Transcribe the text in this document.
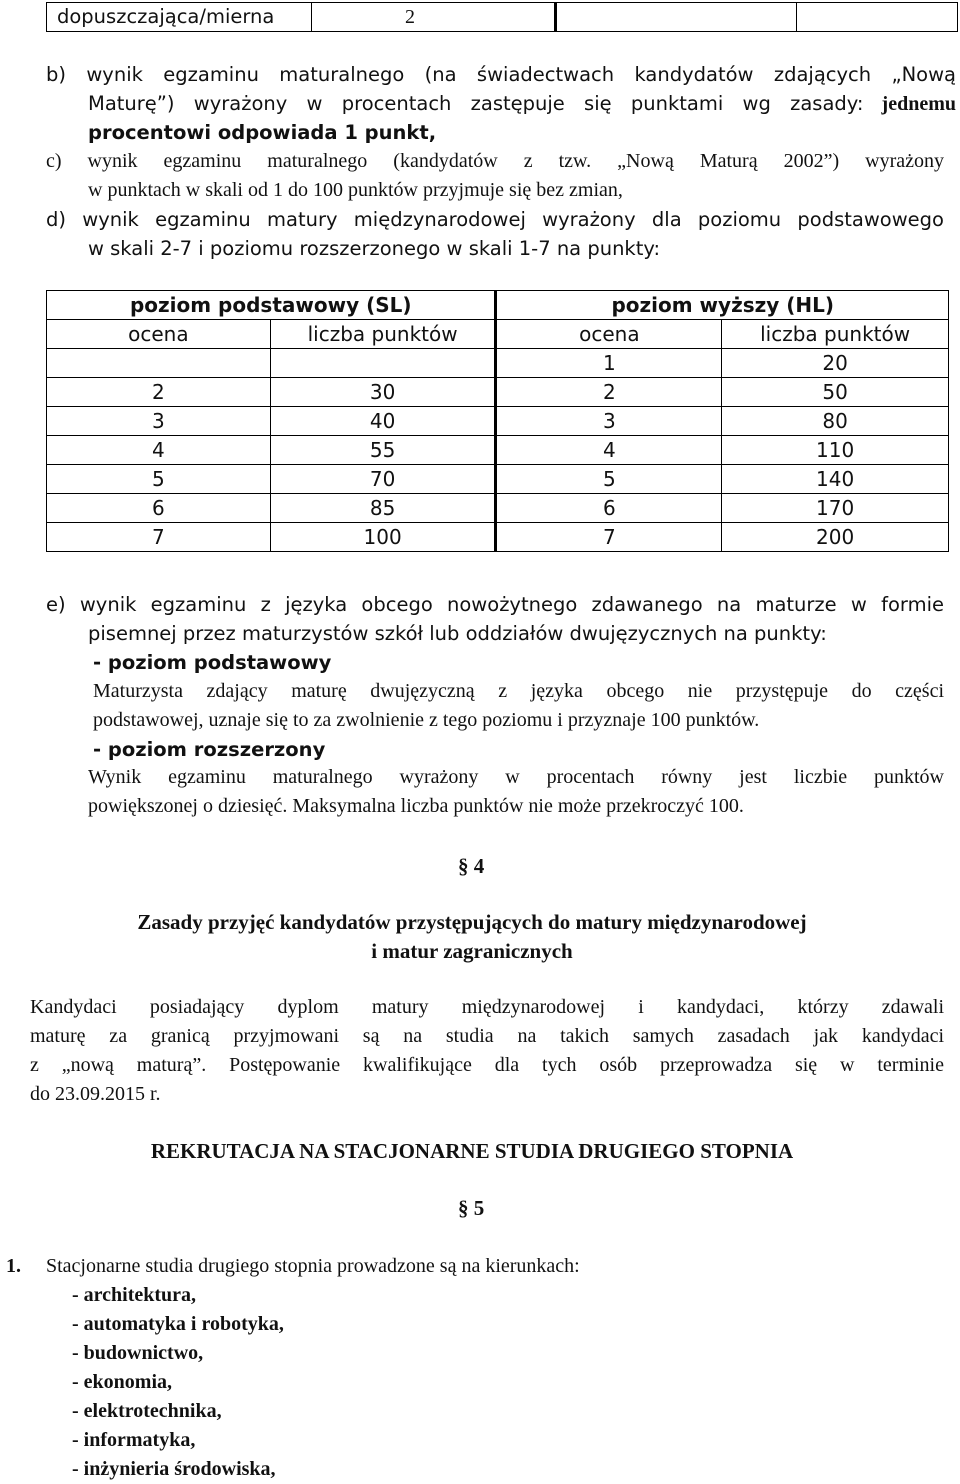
dopuszczająca/mierna	2

b) wynik egzaminu maturalnego (na świadectwach kandydatów zdających „Nową

Maturę”) wyrażony w procentach zastępuje się punktami wg zasady: jednemu

procentowi odpowiada 1 punkt,

c) wynik egzaminu maturalnego (kandydatów z tzw. „Nową Maturą 2002”) wyrażony

w punktach w skali od 1 do 100 punktów przyjmuje się bez zmian,

d) wynik egzaminu matury międzynarodowej wyrażony dla poziomu podstawowego

w skali 2-7 i poziomu rozszerzonego w skali 1-7 na punkty:
poziom podstawowy (SL)		poziom wyższy (HL)	
ocena	liczba punktów	ocena	liczba punktów
		1	20
2	30	2	50
3	40	3	80
4	55	4	110
5	70	5	140
6	85	6	170
7	100	7	200

e) wynik egzaminu z języka obcego nowożytnego zdawanego na maturze w formie

pisemnej przez maturzystów szkół lub oddziałów dwujęzycznych na punkty:
- poziom podstawowy

Maturzysta zdający maturę dwujęzyczną z języka obcego nie przystępuje do części

podstawowej, uznaje się to za zwolnienie z tego poziomu i przyznaje 100 punktów.
- poziom rozszerzony

Wynik egzaminu maturalnego wyrażony w procentach równy jest liczbie punktów

powiększonej o dziesięć. Maksymalna liczba punktów nie może przekroczyć 100.
§ 4
Zasady przyjęć kandydatów przystępujących do matury międzynarodowej
i matur zagranicznych

Kandydaci posiadający dyplom matury międzynarodowej i kandydaci, którzy zdawali

maturę za granicą przyjmowani są na studia na takich samych zasadach jak kandydaci

z „nową maturą”. Postępowanie kwalifikujące dla tych osób przeprowadza się w terminie

do 23.09.2015 r.
REKRUTACJA NA STACJONARNE STUDIA DRUGIEGO STOPNIA
§ 5
1. Stacjonarne studia drugiego stopnia prowadzone są na kierunkach:
- architektura,
- automatyka i robotyka,
- budownictwo,
- ekonomia,
- elektrotechnika,
- informatyka,
- inżynieria środowiska,
